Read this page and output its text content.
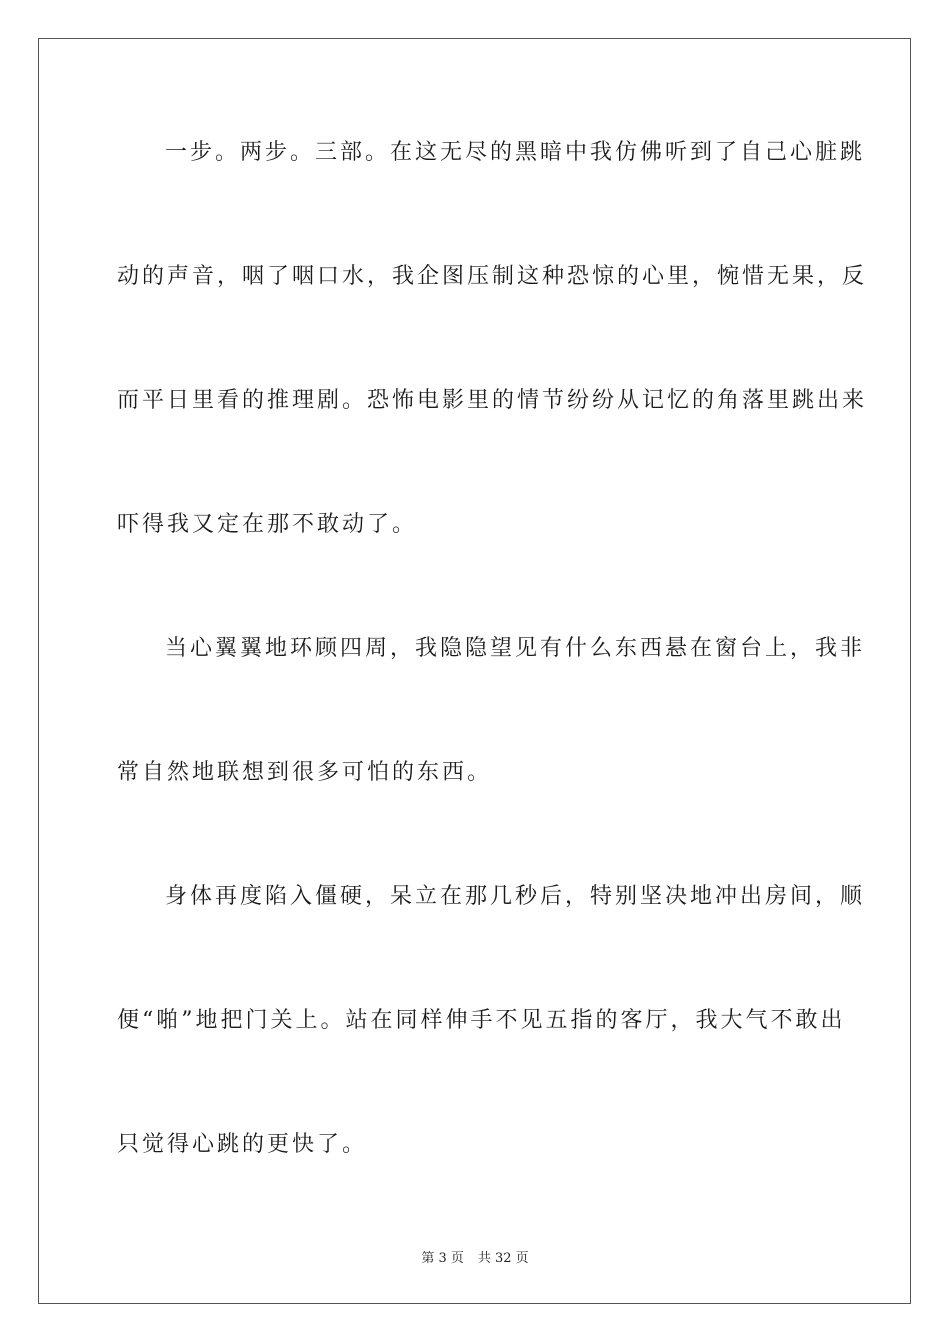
一步。两步。三部。在这无尽的黑暗中我仿佛听到了自己心脏跳
动的声音，咽了咽口水，我企图压制这种恐惊的心里，惋惜无果，反
而平日里看的推理剧。恐怖电影里的情节纷纷从记忆的角落里跳出来
吓得我又定在那不敢动了。
当心翼翼地环顾四周，我隐隐望见有什么东西悬在窗台上，我非
常自然地联想到很多可怕的东西。
身体再度陷入僵硬，呆立在那几秒后，特别坚决地冲出房间，顺
便“啪”地把门关上。站在同样伸手不见五指的客厅，我大气不敢出
只觉得心跳的更快了。
第 3 页 共 32 页
